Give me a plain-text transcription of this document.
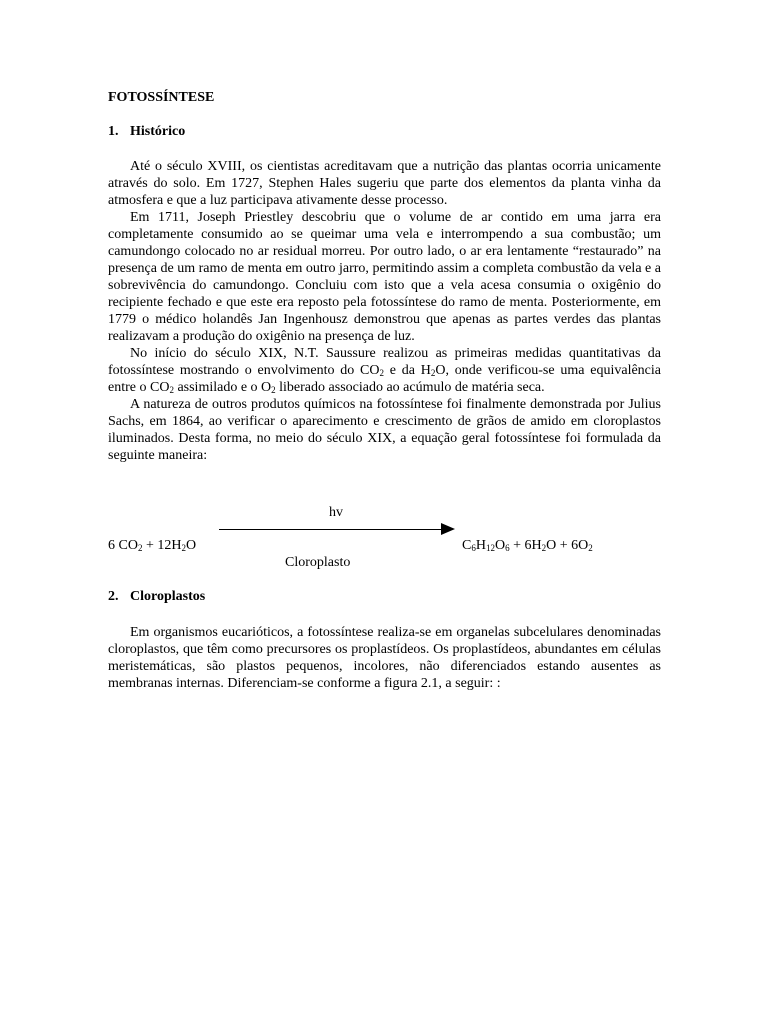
FOTOSSÍNTESE
1. Histórico

Até o século XVIII, os cientistas acreditavam que a nutrição das plantas ocorria unicamente através do solo. Em 1727, Stephen Hales sugeriu que parte dos elementos da planta vinha da atmosfera e que a luz participava ativamente desse processo.

Em 1711, Joseph Priestley descobriu que o volume de ar contido em uma jarra era completamente consumido ao se queimar uma vela e interrompendo a sua combustão; um camundongo colocado no ar residual morreu. Por outro lado, o ar era lentamente “restaurado” na presença de um ramo de menta em outro jarro, permitindo assim a completa combustão da vela e a sobrevivência do camundongo. Concluiu com isto que a vela acesa consumia o oxigênio do recipiente fechado e que este era reposto pela fotossíntese do ramo de menta. Posteriormente, em 1779 o médico holandês Jan Ingenhousz demonstrou que apenas as partes verdes das plantas realizavam a produção do oxigênio na presença de luz.

No início do século XIX, N.T. Saussure realizou as primeiras medidas quantitativas da fotossíntese mostrando o envolvimento do $CO_2$ e da $H_2O$, onde verificou-se uma equivalência entre o $CO_2$ assimilado e o $O_2$ liberado associado ao acúmulo de matéria seca.

A natureza de outros produtos químicos na fotossíntese foi finalmente demonstrada por Julius Sachs, em 1864, ao verificar o aparecimento e crescimento de grãos de amido em cloroplastos iluminados. Desta forma, no meio do século XIX, a equação geral fotossíntese foi formulada da seguinte maneira:

hv
6 $CO_2 + 12H_2O$	$C_6H_{12}O_6 + 6H_2O + 6O_2$
Cloroplasto
2. Cloroplastos

Em organismos eucarióticos, a fotossíntese realiza-se em organelas subcelulares denominadas cloroplastos, que têm como precursores os proplastídeos. Os proplastídeos, abundantes em células meristemáticas, são plastos pequenos, incolores, não diferenciados estando ausentes as membranas internas. Diferenciam-se conforme a figura 2.1, a seguir: :
